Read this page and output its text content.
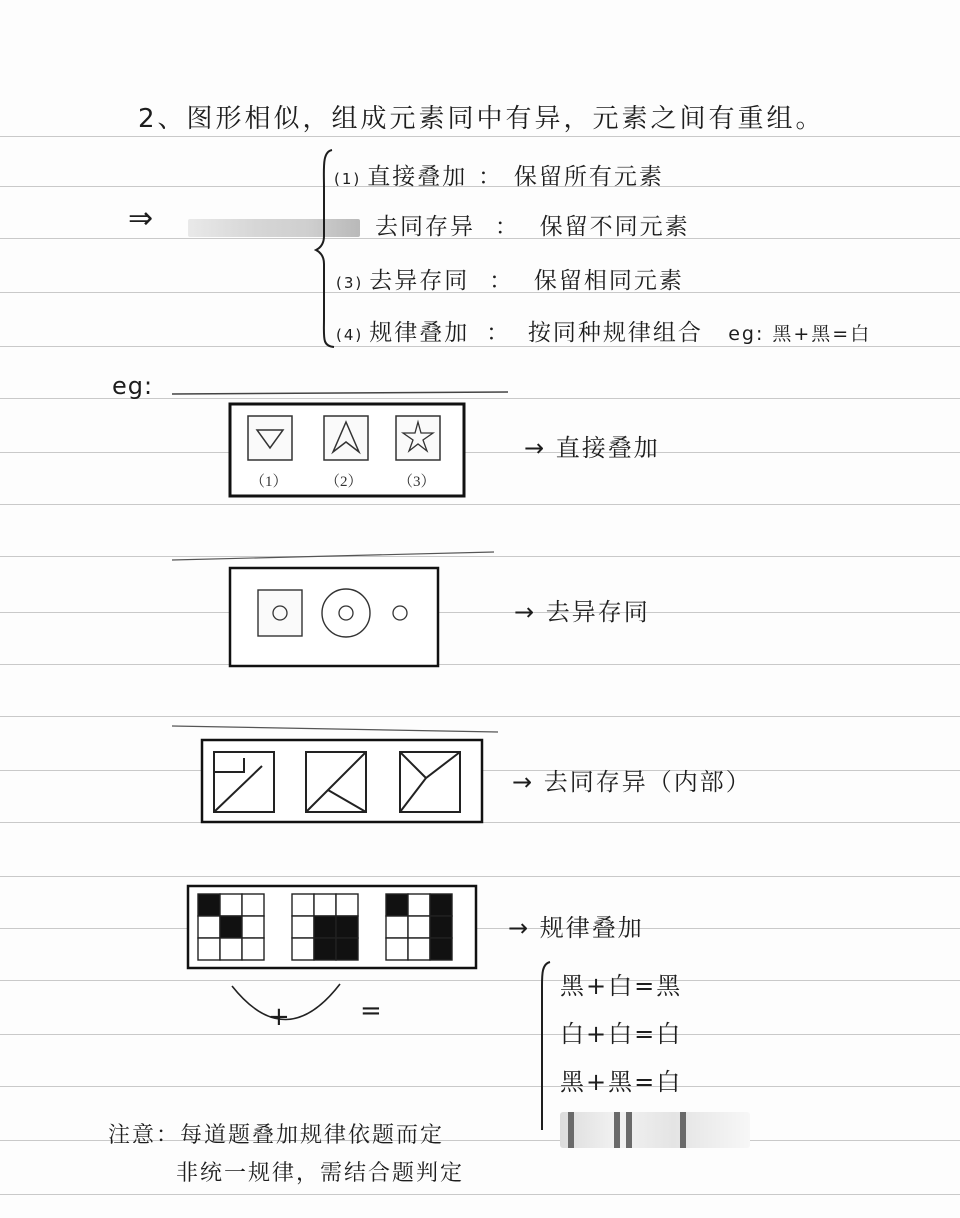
2、图形相似，组成元素同中有异，元素之间有重组。
⇒
(1) 直接叠加 ： 保留所有元素
去同存异 ： 保留不同元素
(3) 去异存同 ： 保留相同元素
(4) 规律叠加 ： 按同种规律组合 eg: 黑+黑=白
eg:
（1） （2） （3）
→ 直接叠加
→ 去异存同
→ 去同存异（内部）
→ 规律叠加
+	=
黑+白=黑
白+白=白
黑+黑=白
注意：每道题叠加规律依题而定
非统一规律，需结合题判定
